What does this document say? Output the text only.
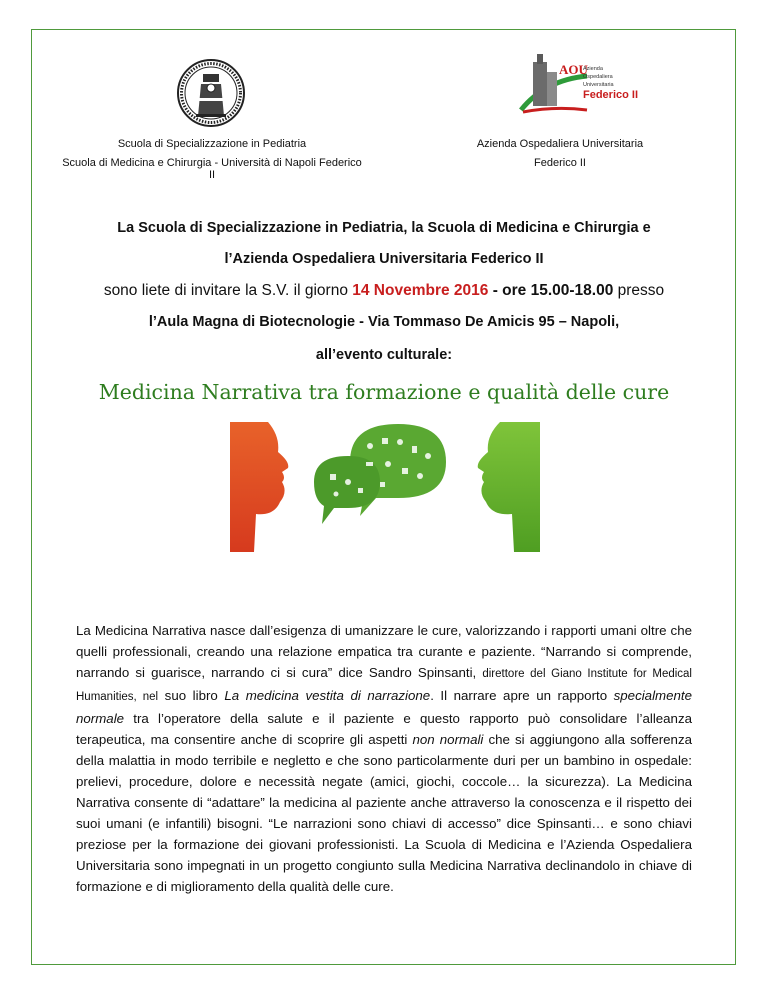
AOU
Azienda
Ospedaliera
Universitaria
Federico II
Scuola di Specializzazione in Pediatria
Scuola di Medicina e Chirurgia - Università di Napoli Federico II
Azienda Ospedaliera Universitaria
Federico II
La Scuola di Specializzazione in Pediatria, la Scuola di Medicina e Chirurgia e
l’Azienda Ospedaliera Universitaria Federico II
sono liete di invitare la S.V. il giorno 14 Novembre 2016 - ore 15.00-18.00 presso
l’Aula Magna di Biotecnologie - Via Tommaso De Amicis 95 – Napoli,
all’evento culturale:
Medicina Narrativa tra formazione e qualità delle cure
La Medicina Narrativa nasce dall’esigenza di umanizzare le cure, valorizzando i rapporti umani oltre che quelli professionali, creando una relazione empatica tra curante e paziente. “Narrando si comprende, narrando si guarisce, narrando ci si cura” dice Sandro Spinsanti, direttore del Giano Institute for Medical Humanities, nel suo libro La medicina vestita di narrazione. Il narrare apre un rapporto specialmente normale tra l’operatore della salute e il paziente e questo rapporto può consolidare l’alleanza terapeutica, ma consentire anche di scoprire gli aspetti non normali che si aggiungono alla sofferenza della malattia in modo terribile e negletto e che sono particolarmente duri per un bambino in ospedale: prelievi, procedure, dolore e necessità negate (amici, giochi, coccole… la sicurezza). La Medicina Narrativa consente di “adattare” la medicina al paziente anche attraverso la conoscenza e il rispetto dei suoi umani (e infantili) bisogni. “Le narrazioni sono chiavi di accesso” dice Spinsanti… e sono chiavi preziose per la formazione dei giovani professionisti. La Scuola di Medicina e l’Azienda Ospedaliera Universitaria sono impegnati in un progetto congiunto sulla Medicina Narrativa declinandolo in chiave di formazione e di miglioramento della qualità delle cure.
